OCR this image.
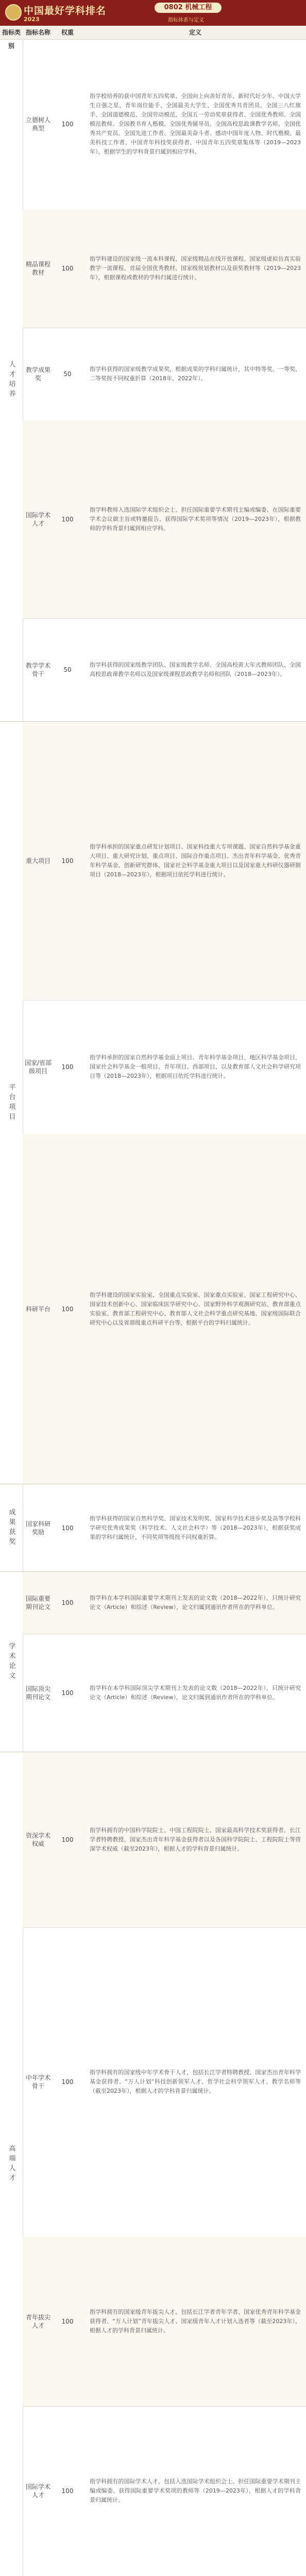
中国最好学科排名
2023
0802 机械工程
指标体系与定义
指标类别
指标名称	权重	定义
人才培养
立德树人典型
100
指学校培养的获中国青年五四奖章、全国向上向善好青年、新时代好少年、中国大学生自强之星、青年岗位能手、全国最美大学生、全国优秀共青团员、全国三八红旗手、全国道德模范、全国劳动模范、全国五一劳动奖章获得者、全国优秀教师、全国模范教师、全国教书育人楷模、全国优秀辅导员、全国高校思政课教学名师、全国优秀共产党员、全国先进工作者、全国最美奋斗者、感动中国年度人物、时代楷模、最美科技工作者、中国青年科技奖获得者、中国青年五四奖章集体等（2019—2023年），根据学生的学科背景归属到相应学科。
精品课程教材
100
指学科建设的国家级一流本科课程、国家级精品在线开放课程、国家级虚拟仿真实验教学一流课程、首届全国优秀教材、国家级规划教材以及获奖教材等（2019—2023年），根据课程或教材的学科归属进行统计。
教学成果奖
50
指学科获得的国家级教学成果奖，根据成果的学科归属统计，其中特等奖、一等奖、二等奖按不同权重折算（2018年、2022年）。
国际学术人才
100
指学科教师入选国际学术组织会士、担任国际重要学术期刊主编或编委、在国际重要学术会议做主旨或特邀报告、获得国际学术奖项等情况（2019—2023年），根据教师的学科背景归属到相应学科。
教学学术骨干
50
指学科获得的国家级教学团队、国家级教学名师、全国高校黄大年式教师团队、全国高校思政课教学名师以及国家级课程思政教学名师和团队（2018—2023年）。
平台项目
重大项目	100
指学科承担的国家重点研发计划项目、国家科技重大专项课题、国家自然科学基金重大项目、重大研究计划、重点项目、国际合作重点项目、杰出青年科学基金、优秀青年科学基金、创新研究群体、国家社会科学基金重大项目以及国家重大科研仪器研制项目（2018—2023年），根据项目依托学科进行统计。
国家/省部级项目
100
指学科承担的国家自然科学基金面上项目、青年科学基金项目、地区科学基金项目，国家社会科学基金一般项目、青年项目、西部项目，以及教育部人文社会科学研究项目等（2018—2023年），根据项目依托学科进行统计。
科研平台	100
指学科建设的国家实验室、全国重点实验室、国家重点实验室、国家工程研究中心、国家技术创新中心、国家临床医学研究中心、国家野外科学观测研究站、教育部重点实验室、教育部工程研究中心、教育部人文社会科学重点研究基地、国家级国际联合研究中心以及省部级重点科研平台等，根据平台的学科归属统计。
成果获奖	国家科研奖励
100
指学科获得的国家自然科学奖、国家技术发明奖、国家科学技术进步奖及高等学校科学研究优秀成果奖（科学技术、人文社会科学）等（2018—2023年），根据获奖成果的学科归属统计，不同奖项等级按不同权重折算。
学术论文
国际重要期刊论文
100
指学科在本学科国际重要学术期刊上发表的论文数（2018—2022年），只统计研究论文（Article）和综述（Review），论文归属到通讯作者所在的学科单位。
国际顶尖期刊论文
100
指学科在本学科国际顶尖学术期刊上发表的论文数（2018—2022年），只统计研究论文（Article）和综述（Review），论文归属到通讯作者所在的学科单位。
高端人才
资深学术权威
100
指学科拥有的中国科学院院士、中国工程院院士、国家最高科学技术奖获得者、长江学者特聘教授、国家杰出青年科学基金获得者以及各国科学院院士、工程院院士等资深学术权威（截至2023年），根据人才的学科背景归属统计。
中年学术骨干
100
指学科拥有的国家级中年学术骨干人才，包括长江学者特聘教授、国家杰出青年科学基金获得者、“万人计划”科技创新领军人才、哲学社会科学领军人才、教学名师等（截至2023年），根据人才的学科背景归属统计。
青年拔尖人才
100
指学科拥有的国家级青年拔尖人才，包括长江学者青年学者、国家优秀青年科学基金获得者、“万人计划”青年拔尖人才、国家级青年人才计划入选者等（截至2023年），根据人才的学科背景归属统计。
国际学术人才
100
指学科拥有的国际学术人才，包括入选国际学术组织会士、担任国际重要学术期刊主编或编委、获得国际重要学术奖项的教师等（2019—2023年），根据人才的学科背景归属统计。
